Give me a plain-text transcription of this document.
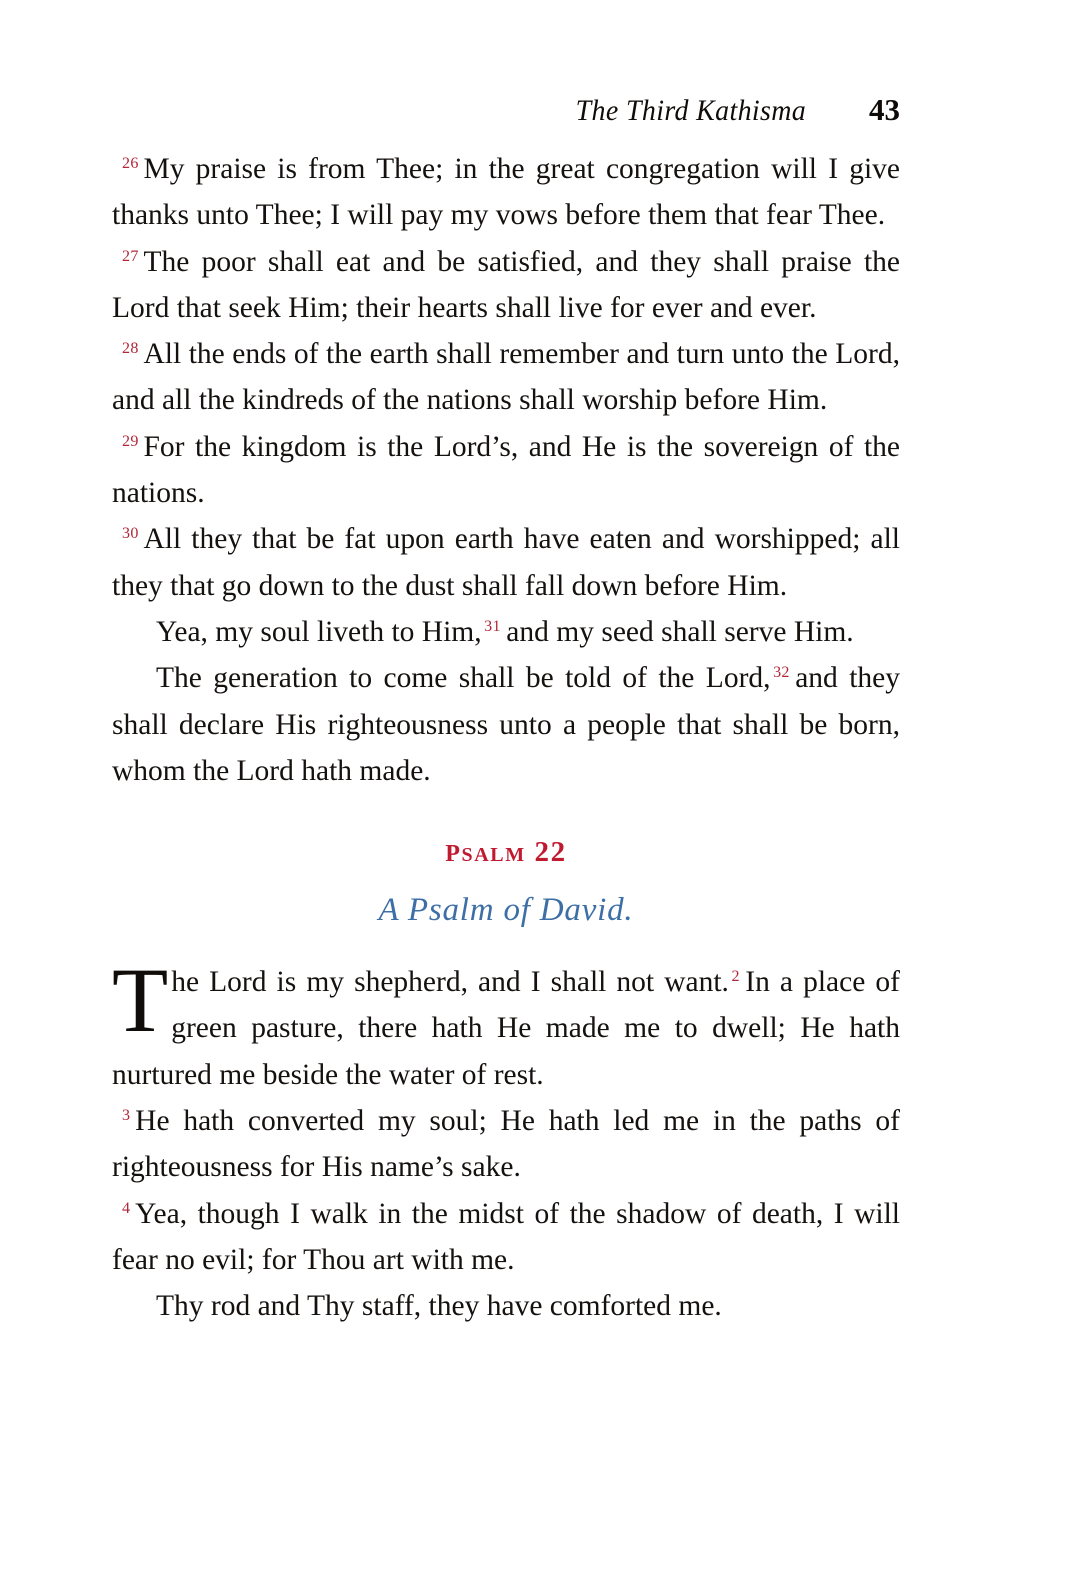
The Third Kathisma 43

$^{26}$ My praise is from Thee; in the great congregation will I give thanks unto Thee; I will pay my vows before them that fear Thee.

$^{27}$ The poor shall eat and be satisfied, and they shall praise the Lord that seek Him; their hearts shall live for ever and ever.

$^{28}$ All the ends of the earth shall remember and turn unto the Lord, and all the kindreds of the nations shall worship before Him.

$^{29}$ For the kingdom is the Lord’s, and He is the sovereign of the nations.

$^{30}$ All they that be fat upon earth have eaten and worshipped; all they that go down to the dust shall fall down before Him.

Yea, my soul liveth to Him, $^{31}$ and my seed shall serve Him.

The generation to come shall be told of the Lord, $^{32}$ and they shall declare His righteousness unto a people that shall be born, whom the Lord hath made.

psalm 22

A Psalm of David.

The Lord is my shepherd, and I shall not want. $^2$ In a place of green pasture, there hath He made me to dwell; He hath nurtured me beside the water of rest.

$^3$ He hath converted my soul; He hath led me in the paths of righteousness for His name’s sake.

$^4$ Yea, though I walk in the midst of the shadow of death, I will fear no evil; for Thou art with me.

Thy rod and Thy staff, they have comforted me.
